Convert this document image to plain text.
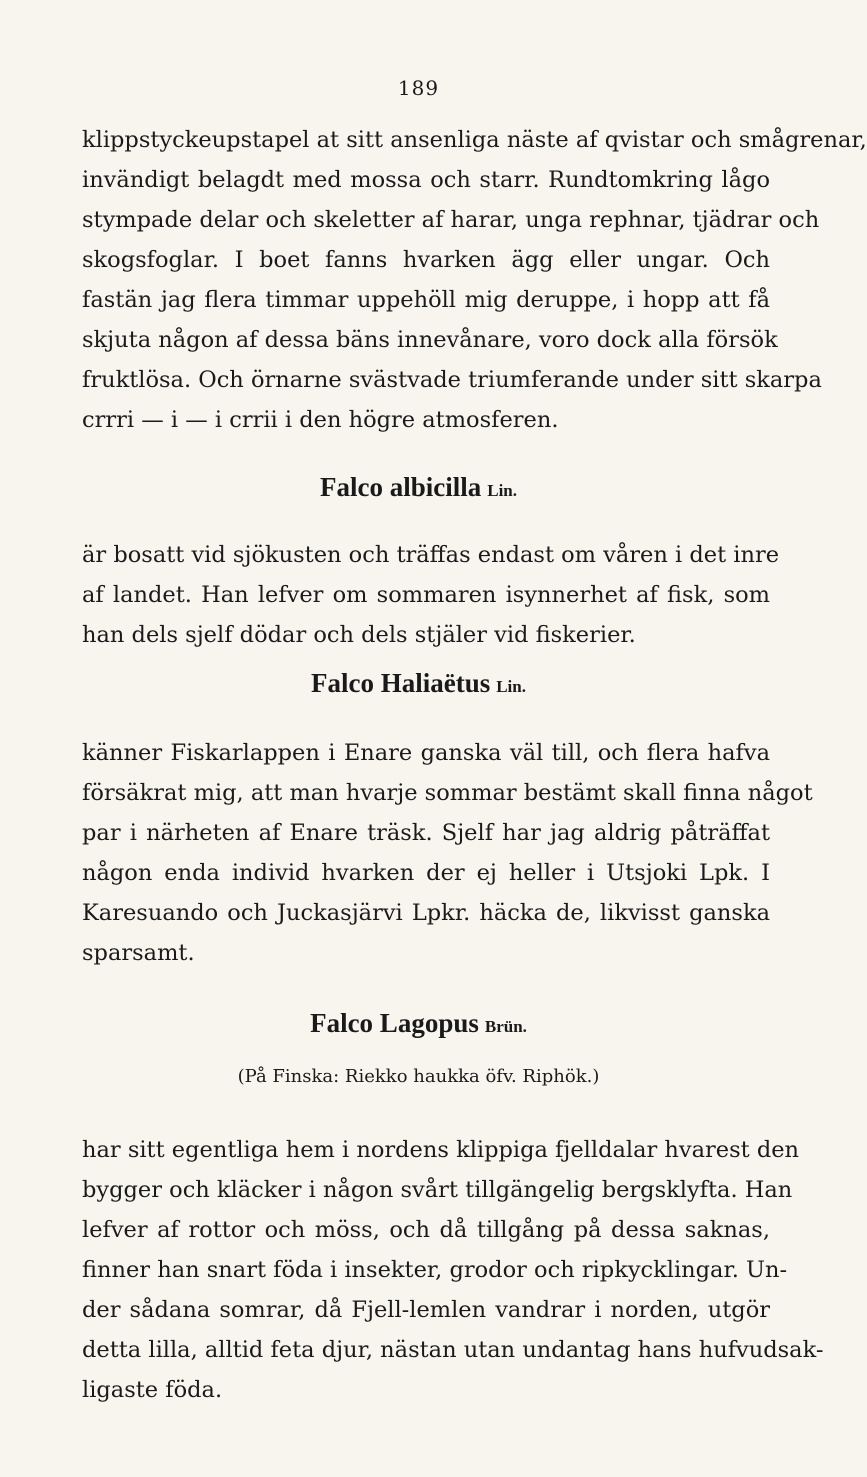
189
klippstyckeupstapel at sitt ansenliga näste af qvistar och smågrenar,
invändigt belagdt med mossa och starr. Rundtomkring lågo
stympade delar och skeletter af harar, unga rephnar, tjädrar och
skogsfoglar. I boet fanns hvarken ägg eller ungar. Och
fastän jag flera timmar uppehöll mig deruppe, i hopp att få
skjuta någon af dessa bäns innevånare, voro dock alla försök
fruktlösa. Och örnarne svästvade triumferande under sitt skarpa
crrri — i — i crrii i den högre atmosferen.
Falco albicilla Lin.
är bosatt vid sjökusten och träffas endast om våren i det inre
af landet. Han lefver om sommaren isynnerhet af fisk, som
han dels sjelf dödar och dels stjäler vid fiskerier.
Falco Haliaëtus Lin.
känner Fiskarlappen i Enare ganska väl till, och flera hafva
försäkrat mig, att man hvarje sommar bestämt skall finna något
par i närheten af Enare träsk. Sjelf har jag aldrig påträffat
någon enda individ hvarken der ej heller i Utsjoki Lpk. I
Karesuando och Juckasjärvi Lpkr. häcka de, likvisst ganska
sparsamt.
Falco Lagopus Brün.
(På Finska: Riekko haukka öfv. Riphök.)
har sitt egentliga hem i nordens klippiga fjelldalar hvarest den
bygger och kläcker i någon svårt tillgängelig bergsklyfta. Han
lefver af rottor och möss, och då tillgång på dessa saknas,
finner han snart föda i insekter, grodor och ripkycklingar. Un-
der sådana somrar, då Fjell-lemlen vandrar i norden, utgör
detta lilla, alltid feta djur, nästan utan undantag hans hufvudsak-
ligaste föda.
